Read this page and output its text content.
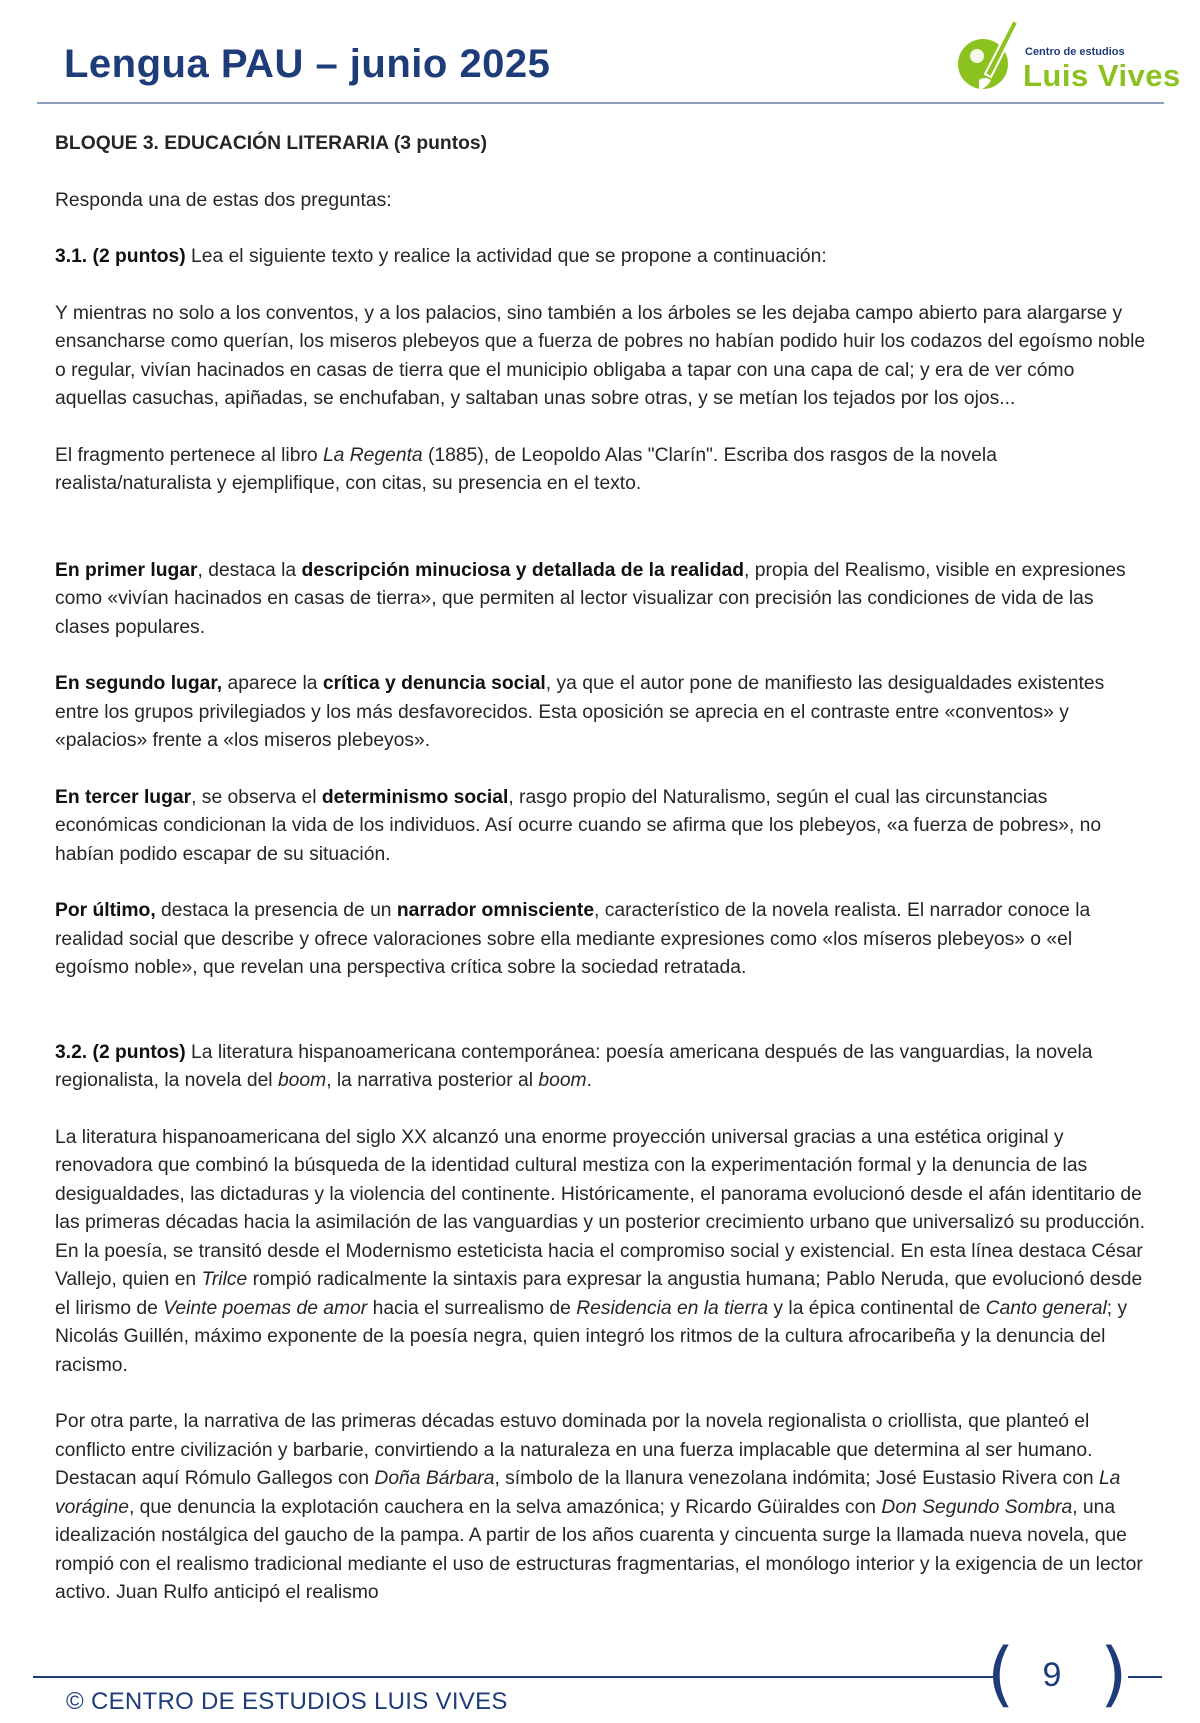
Lengua PAU – junio 2025	Centro de estudios
Luis Vives

BLOQUE 3. EDUCACIÓN LITERARIA (3 puntos)

Responda una de estas dos preguntas:

3.1. (2 puntos) Lea el siguiente texto y realice la actividad que se propone a continuación:

Y mientras no solo a los conventos, y a los palacios, sino también a los árboles se les dejaba campo abierto para alargarse y ensancharse como querían, los miseros plebeyos que a fuerza de pobres no habían podido huir los codazos del egoísmo noble o regular, vivían hacinados en casas de tierra que el municipio obligaba a tapar con una capa de cal; y era de ver cómo aquellas casuchas, apiñadas, se enchufaban, y saltaban unas sobre otras, y se metían los tejados por los ojos...

El fragmento pertenece al libro La Regenta (1885), de Leopoldo Alas "Clarín". Escriba dos rasgos de la novela realista/naturalista y ejemplifique, con citas, su presencia en el texto.

En primer lugar, destaca la descripción minuciosa y detallada de la realidad, propia del Realismo, visible en expresiones como «vivían hacinados en casas de tierra», que permiten al lector visualizar con precisión las condiciones de vida de las clases populares.

En segundo lugar, aparece la crítica y denuncia social, ya que el autor pone de manifiesto las desigualdades existentes entre los grupos privilegiados y los más desfavorecidos. Esta oposición se aprecia en el contraste entre «conventos» y «palacios» frente a «los miseros plebeyos».

En tercer lugar, se observa el determinismo social, rasgo propio del Naturalismo, según el cual las circunstancias económicas condicionan la vida de los individuos. Así ocurre cuando se afirma que los plebeyos, «a fuerza de pobres», no habían podido escapar de su situación.

Por último, destaca la presencia de un narrador omnisciente, característico de la novela realista. El narrador conoce la realidad social que describe y ofrece valoraciones sobre ella mediante expresiones como «los míseros plebeyos» o «el egoísmo noble», que revelan una perspectiva crítica sobre la sociedad retratada.

3.2. (2 puntos) La literatura hispanoamericana contemporánea: poesía americana después de las vanguardias, la novela regionalista, la novela del boom, la narrativa posterior al boom.

La literatura hispanoamericana del siglo XX alcanzó una enorme proyección universal gracias a una estética original y renovadora que combinó la búsqueda de la identidad cultural mestiza con la experimentación formal y la denuncia de las desigualdades, las dictaduras y la violencia del continente. Históricamente, el panorama evolucionó desde el afán identitario de las primeras décadas hacia la asimilación de las vanguardias y un posterior crecimiento urbano que universalizó su producción. En la poesía, se transitó desde el Modernismo esteticista hacia el compromiso social y existencial. En esta línea destaca César Vallejo, quien en Trilce rompió radicalmente la sintaxis para expresar la angustia humana; Pablo Neruda, que evolucionó desde el lirismo de Veinte poemas de amor hacia el surrealismo de Residencia en la tierra y la épica continental de Canto general; y Nicolás Guillén, máximo exponente de la poesía negra, quien integró los ritmos de la cultura afrocaribeña y la denuncia del racismo.

Por otra parte, la narrativa de las primeras décadas estuvo dominada por la novela regionalista o criollista, que planteó el conflicto entre civilización y barbarie, convirtiendo a la naturaleza en una fuerza implacable que determina al ser humano. Destacan aquí Rómulo Gallegos con Doña Bárbara, símbolo de la llanura venezolana indómita; José Eustasio Rivera con La vorágine, que denuncia la explotación cauchera en la selva amazónica; y Ricardo Güiraldes con Don Segundo Sombra, una idealización nostálgica del gaucho de la pampa. A partir de los años cuarenta y cincuenta surge la llamada nueva novela, que rompió con el realismo tradicional mediante el uso de estructuras fragmentarias, el monólogo interior y la exigencia de un lector activo. Juan Rulfo anticipó el realismo

© CENTRO DE ESTUDIOS LUIS VIVES	( )
9
